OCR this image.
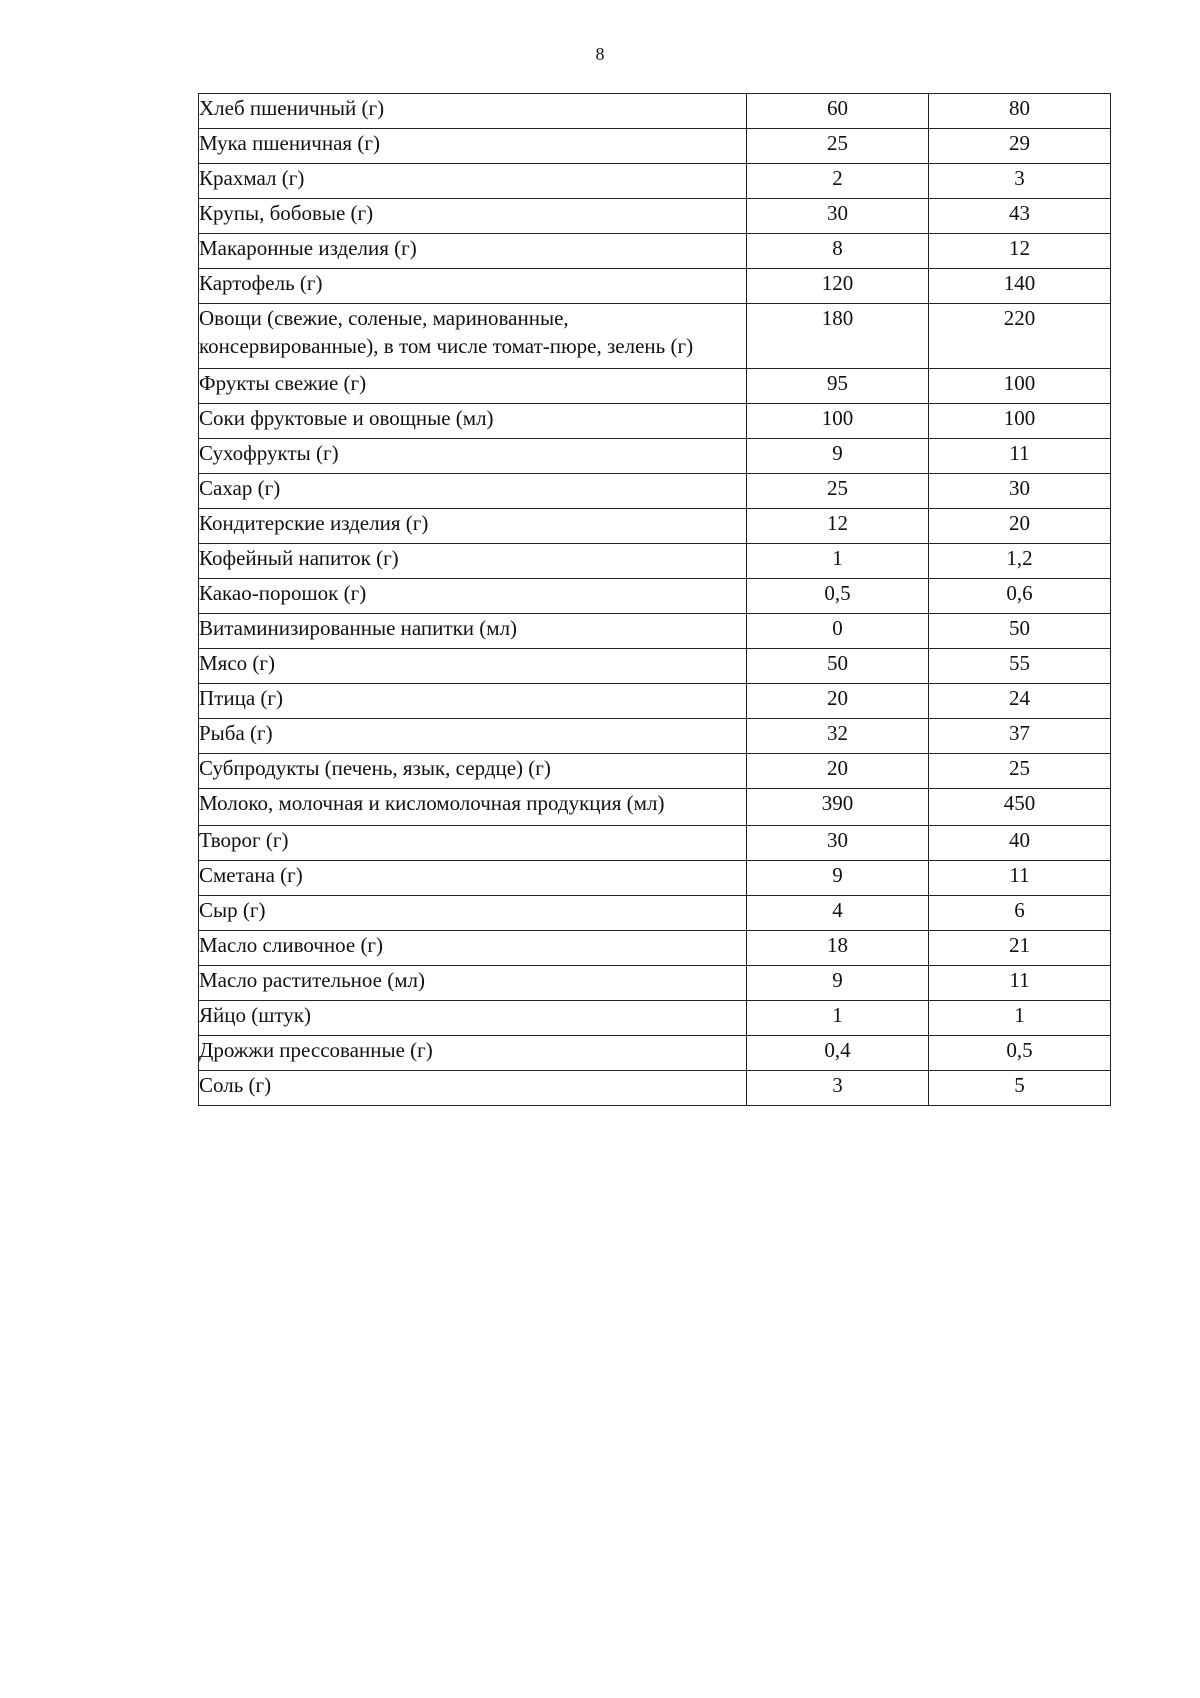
8
Хлеб пшеничный (г)	60	80
Мука пшеничная (г)	25	29
Крахмал (г)	2	3
Крупы, бобовые (г)	30	43
Макаронные изделия (г)	8	12
Картофель (г)	120	140
Овощи (свежие, соленые, маринованные, консервированные), в том числе томат-пюре, зелень (г)	180	220
Фрукты свежие (г)	95	100
Соки фруктовые и овощные (мл)	100	100
Сухофрукты (г)	9	11
Сахар (г)	25	30
Кондитерские изделия (г)	12	20
Кофейный напиток (г)	1	1,2
Какао-порошок (г)	0,5	0,6
Витаминизированные напитки (мл)	0	50
Мясо (г)	50	55
Птица (г)	20	24
Рыба (г)	32	37
Субпродукты (печень, язык, сердце) (г)	20	25
Молоко, молочная и кисломолочная продукция (мл)	390	450
Творог (г)	30	40
Сметана (г)	9	11
Сыр (г)	4	6
Масло сливочное (г)	18	21
Масло растительное (мл)	9	11
Яйцо (штук)	1	1
Дрожжи прессованные (г)	0,4	0,5
Соль (г)	3	5
